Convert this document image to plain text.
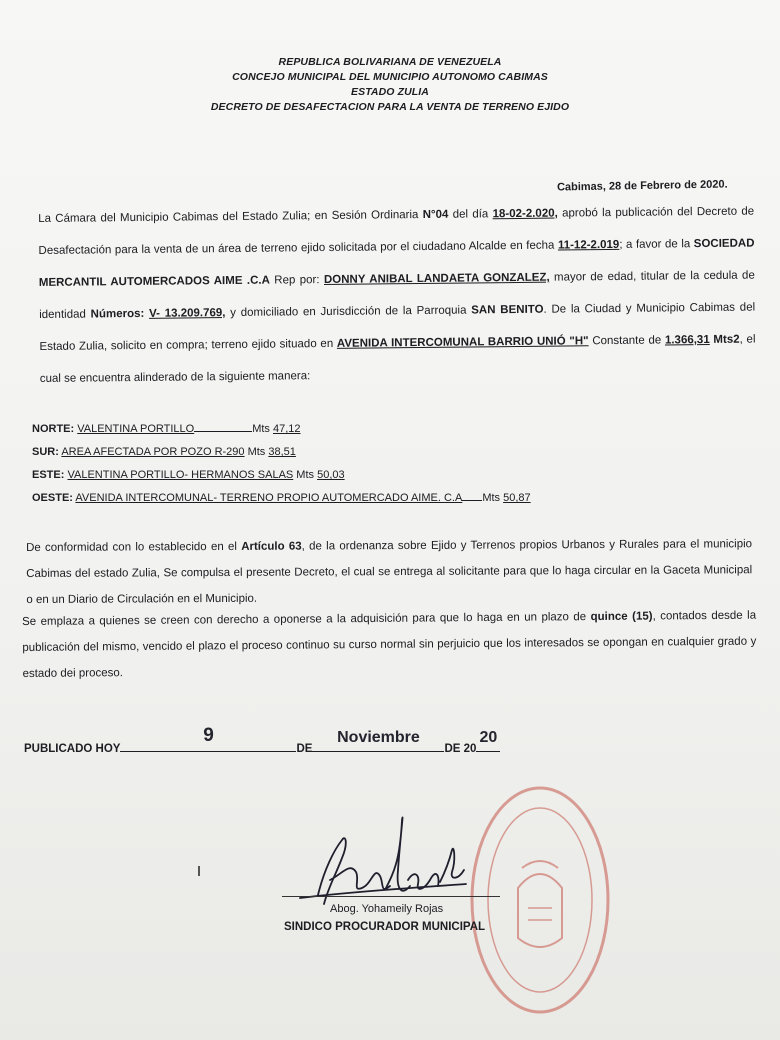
REPUBLICA BOLIVARIANA DE VENEZUELA
CONCEJO MUNICIPAL DEL MUNICIPIO AUTONOMO CABIMAS
ESTADO ZULIA
DECRETO DE DESAFECTACION PARA LA VENTA DE TERRENO EJIDO
Cabimas, 28 de Febrero de 2020.
La Cámara del Municipio Cabimas del Estado Zulia; en Sesión Ordinaria N°04 del día 18-02-2.020, aprobó la publicación del Decreto de Desafectación para la venta de un área de terreno ejido solicitada por el ciudadano Alcalde en fecha 11-12-2.019; a favor de la SOCIEDAD MERCANTIL AUTOMERCADOS AIME .C.A Rep por: DONNY ANIBAL LANDAETA GONZALEZ, mayor de edad, titular de la cedula de identidad Números: V- 13.209.769, y domiciliado en Jurisdicción de la Parroquia SAN BENITO. De la Ciudad y Municipio Cabimas del Estado Zulia, solicito en compra; terreno ejido situado en AVENIDA INTERCOMUNAL BARRIO UNIÓ "H" Constante de 1.366,31 Mts2, el cual se encuentra alinderado de la siguiente manera:
NORTE: VALENTINA PORTILLO	Mts 47,12
SUR: AREA AFECTADA POR POZO R-290 Mts 38,51
ESTE: VALENTINA PORTILLO- HERMANOS SALAS Mts 50,03
OESTE: AVENIDA INTERCOMUNAL- TERRENO PROPIO AUTOMERCADO AIME. C.A Mts 50,87
De conformidad con lo establecido en el Artículo 63, de la ordenanza sobre Ejido y Terrenos propios Urbanos y Rurales para el municipio Cabimas del estado Zulia, Se compulsa el presente Decreto, el cual se entrega al solicitante para que lo haga circular en la Gaceta Municipal o en un Diario de Circulación en el Municipio.
Se emplaza a quienes se creen con derecho a oponerse a la adquisición para que lo haga en un plazo de quince (15), contados desde la publicación del mismo, vencido el plazo el proceso continuo su curso normal sin perjuicio que los interesados se opongan en cualquier grado y estado dei proceso.
PUBLICADO HOY
9
DE
Noviembre
DE 20
20
Abog. Yohameily Rojas
SINDICO PROCURADOR MUNICIPAL
